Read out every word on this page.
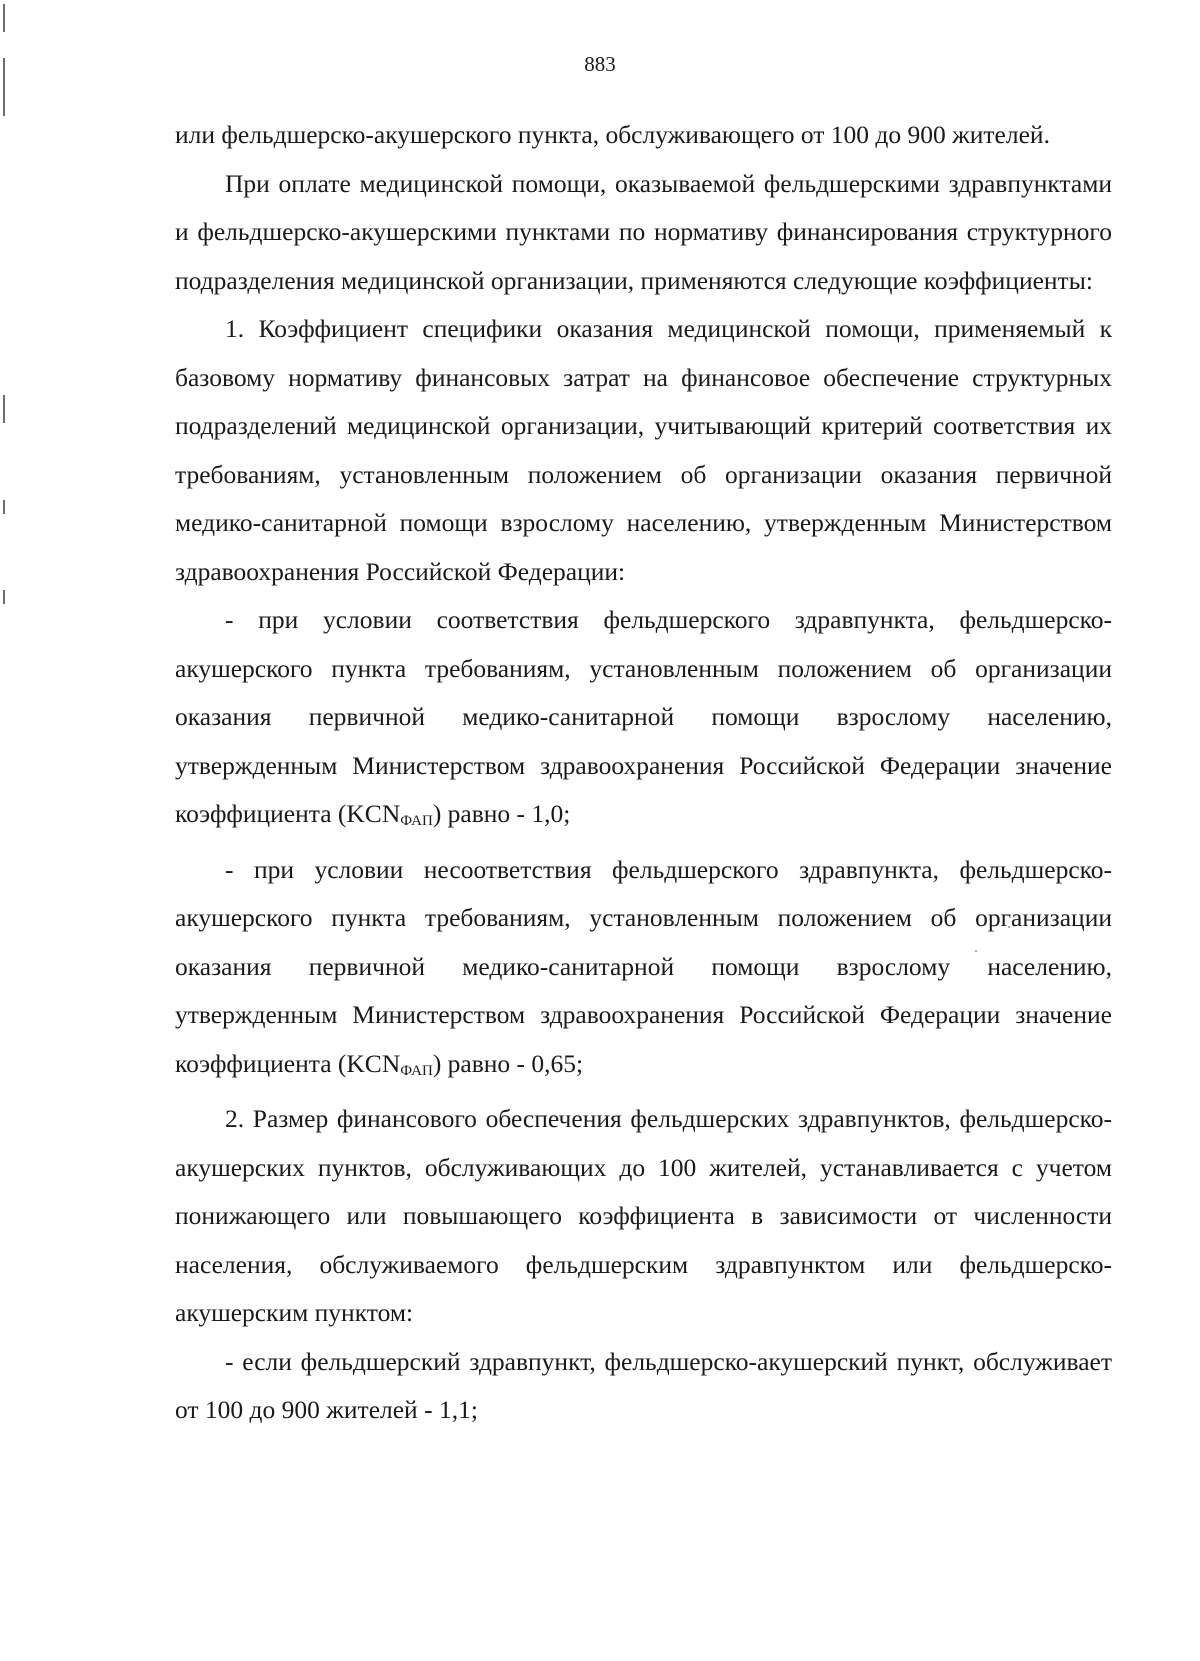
883

или фельдшерско-акушерского пункта, обслуживающего от 100 до 900 жителей.

При оплате медицинской помощи, оказываемой фельдшерскими здравпунктами и фельдшерско-акушерскими пунктами по нормативу финансирования структурного подразделения медицинской организации, применяются следующие коэффициенты:

1. Коэффициент специфики оказания медицинской помощи, применяемый к базовому нормативу финансовых затрат на финансовое обеспечение структурных подразделений медицинской организации, учитывающий критерий соответствия их требованиям, установленным положением об организации оказания первичной медико-санитарной помощи взрослому населению, утвержденным Министерством здравоохранения Российской Федерации:

- при условии соответствия фельдшерского здравпункта, фельдшерско-акушерского пункта требованиям, установленным положением об организации оказания первичной медико-санитарной помощи взрослому населению, утвержденным Министерством здравоохранения Российской Федерации значение коэффициента $(KCN_{ФАП})$ равно - 1,0;

- при условии несоответствия фельдшерского здравпункта, фельдшерско-акушерского пункта требованиям, установленным положением об организации оказания первичной медико-санитарной помощи взрослому населению, утвержденным Министерством здравоохранения Российской Федерации значение коэффициента $(KCN_{ФАП})$ равно - 0,65;

2. Размер финансового обеспечения фельдшерских здравпунктов, фельдшерско-акушерских пунктов, обслуживающих до 100 жителей, устанавливается с учетом понижающего или повышающего коэффициента в зависимости от численности населения, обслуживаемого фельдшерским здравпунктом или фельдшерско-акушерским пунктом:

- если фельдшерский здравпункт, фельдшерско-акушерский пункт, обслуживает от 100 до 900 жителей - 1,1;
